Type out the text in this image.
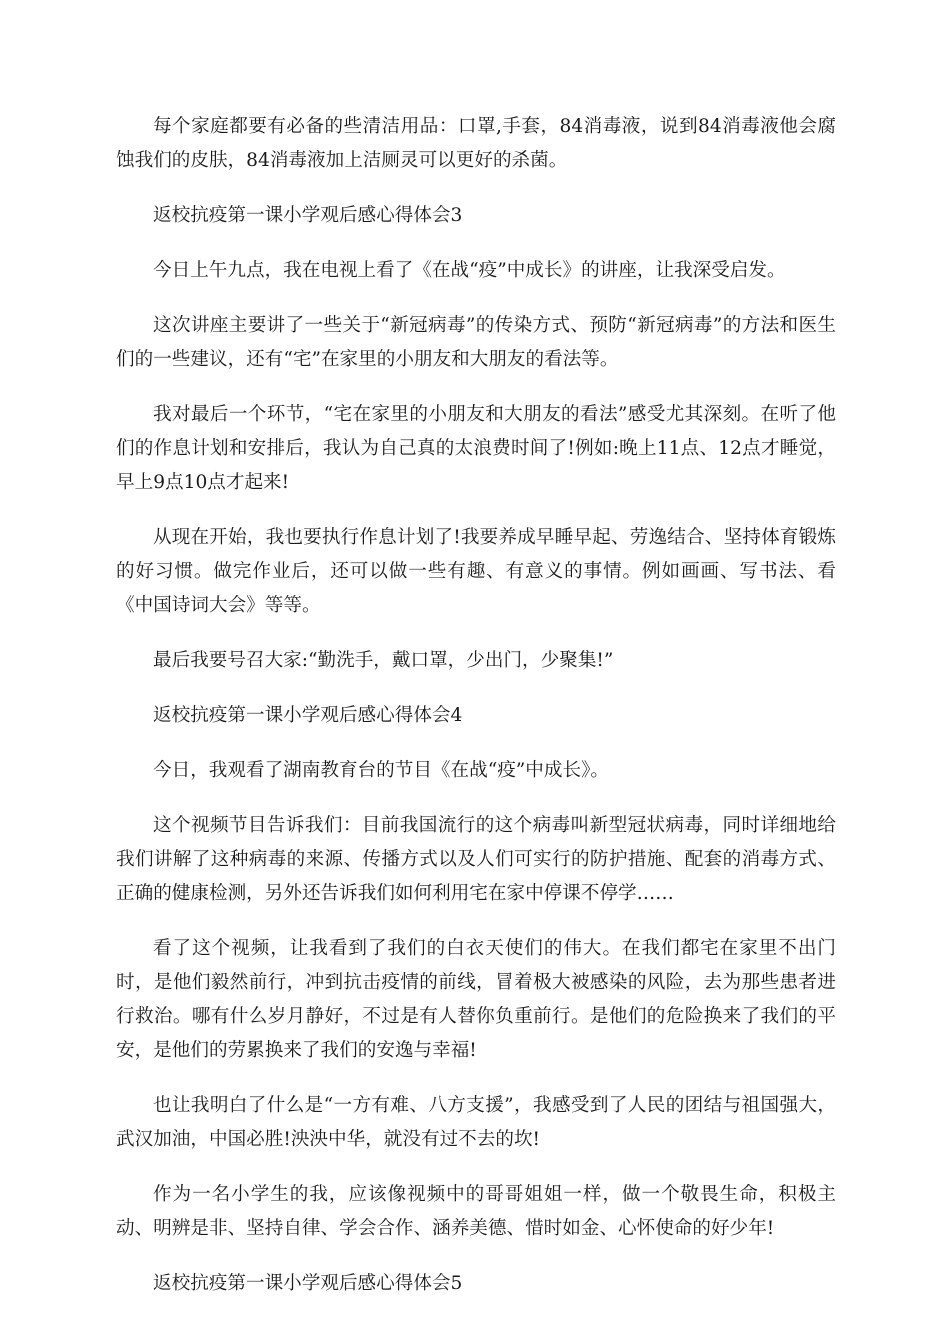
每个家庭都要有必备的些清洁用品：口罩,手套，84消毒液，说到84消毒液他会腐蚀我们的皮肤，84消毒液加上洁厕灵可以更好的杀菌。

返校抗疫第一课小学观后感心得体会3

今日上午九点，我在电视上看了《在战“疫”中成长》的讲座，让我深受启发。

这次讲座主要讲了一些关于“新冠病毒”的传染方式、预防“新冠病毒”的方法和医生们的一些建议，还有“宅”在家里的小朋友和大朋友的看法等。

我对最后一个环节，“宅在家里的小朋友和大朋友的看法”感受尤其深刻。在听了他们的作息计划和安排后，我认为自己真的太浪费时间了!例如:晚上11点、12点才睡觉，早上9点10点才起来!

从现在开始，我也要执行作息计划了!我要养成早睡早起、劳逸结合、坚持体育锻炼的好习惯。做完作业后，还可以做一些有趣、有意义的事情。例如画画、写书法、看《中国诗词大会》等等。

最后我要号召大家:“勤洗手，戴口罩，少出门，少聚集!”

返校抗疫第一课小学观后感心得体会4

今日，我观看了湖南教育台的节目《在战“疫”中成长》。

这个视频节目告诉我们：目前我国流行的这个病毒叫新型冠状病毒，同时详细地给我们讲解了这种病毒的来源、传播方式以及人们可实行的防护措施、配套的消毒方式、正确的健康检测，另外还告诉我们如何利用宅在家中停课不停学……

看了这个视频，让我看到了我们的白衣天使们的伟大。在我们都宅在家里不出门时，是他们毅然前行，冲到抗击疫情的前线，冒着极大被感染的风险，去为那些患者进行救治。哪有什么岁月静好，不过是有人替你负重前行。是他们的危险换来了我们的平安，是他们的劳累换来了我们的安逸与幸福!

也让我明白了什么是“一方有难、八方支援”，我感受到了人民的团结与祖国强大，武汉加油，中国必胜!泱泱中华，就没有过不去的坎!

作为一名小学生的我，应该像视频中的哥哥姐姐一样，做一个敬畏生命，积极主动、明辨是非、坚持自律、学会合作、涵养美德、惜时如金、心怀使命的好少年!

返校抗疫第一课小学观后感心得体会5
